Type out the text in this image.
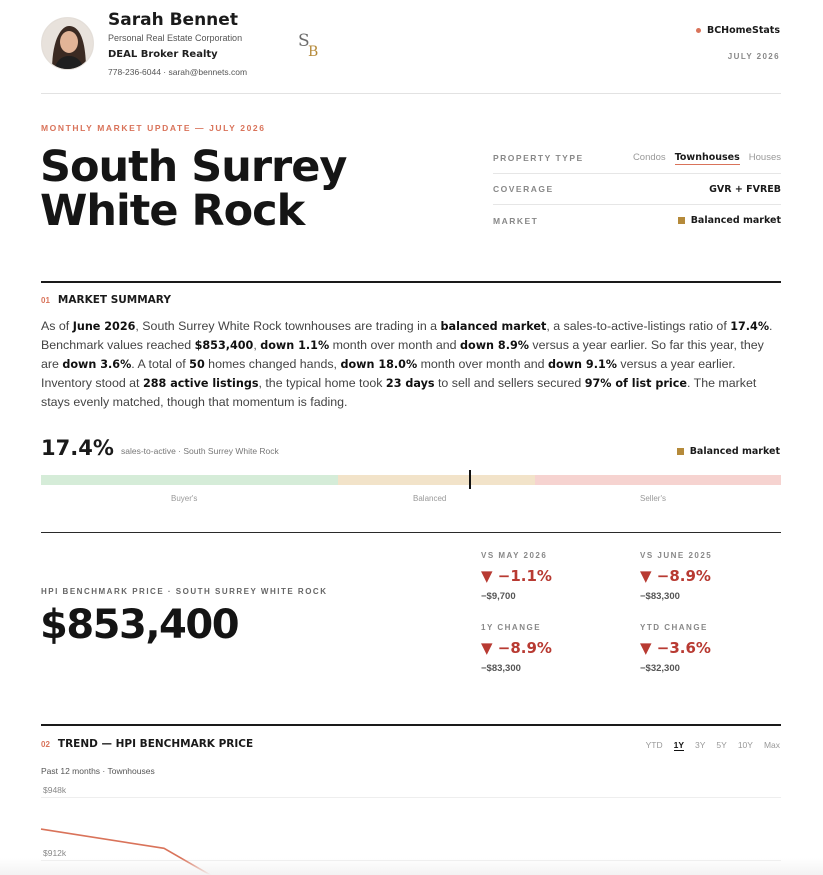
Sarah Bennet
Personal Real Estate Corporation
DEAL Broker Realty
778-236-6044 · sarah@bennets.com
S
B
BCHomeStats
JULY 2026
MONTHLY MARKET UPDATE — JULY 2026
South Surrey
White Rock
PROPERTY TYPE	Condos Townhouses Houses
COVERAGE	GVR + FVREB
MARKET	Balanced market
01 MARKET SUMMARY

As of June 2026, South Surrey White Rock townhouses are trading in a balanced market, a sales-to-active-listings ratio of 17.4%. Benchmark values reached $853,400, down 1.1% month over month and down 8.9% versus a year earlier. So far this year, they are down 3.6%. A total of 50 homes changed hands, down 18.0% month over month and down 9.1% versus a year earlier. Inventory stood at 288 active listings, the typical home took 23 days to sell and sellers secured 97% of list price. The market stays evenly matched, though that momentum is fading.

17.4% sales-to-active · South Surrey White Rock	Balanced market
Buyer's	Balanced	Seller's
HPI BENCHMARK PRICE · SOUTH SURREY WHITE ROCK
$853,400
VS MAY 2026
▼ −1.1%
−$9,700
VS JUNE 2025
▼ −8.9%
−$83,300
1Y CHANGE
▼ −8.9%
−$83,300
YTD CHANGE
▼ −3.6%
−$32,300
02 TREND — HPI BENCHMARK PRICE	YTD 1Y 3Y 5Y 10Y Max
Past 12 months · Townhouses
$948k
$912k
